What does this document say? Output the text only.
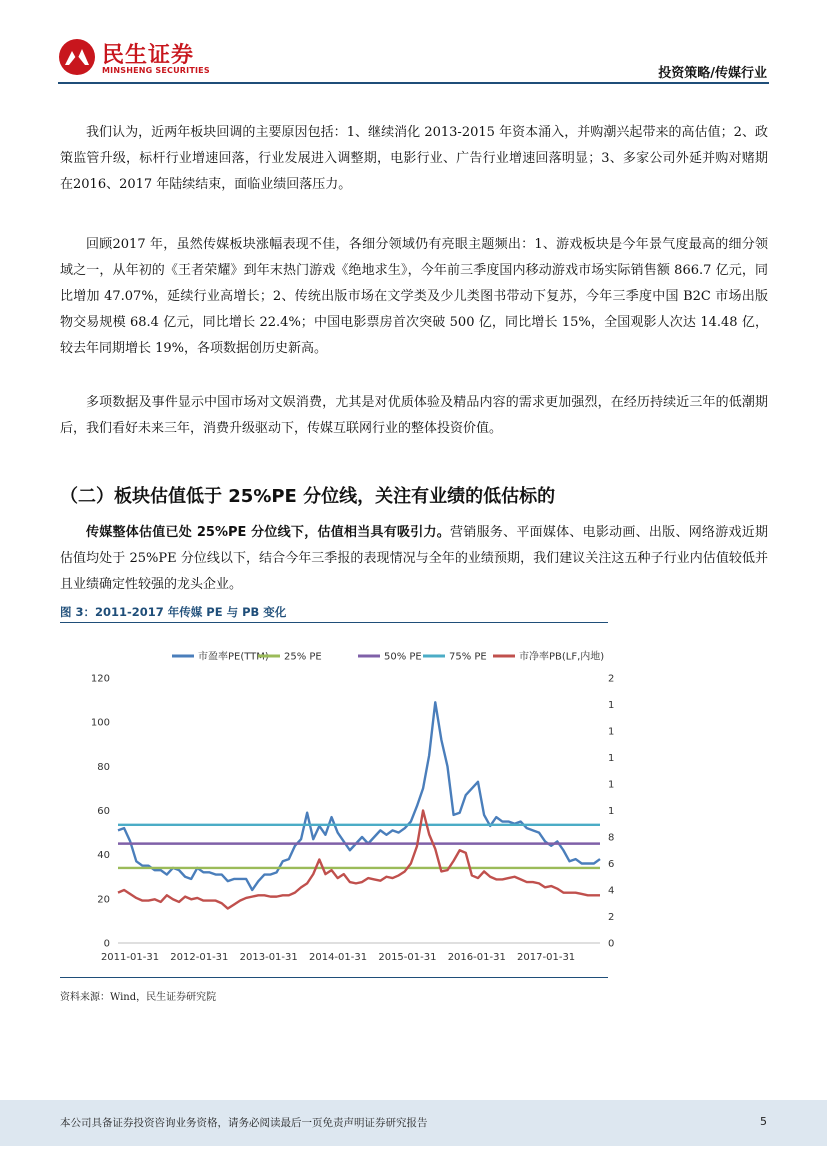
民生证券
MINSHENG SECURITIES	投资策略/传媒行业

我们认为，近两年板块回调的主要原因包括：1、继续消化 2013-2015 年资本涌入，并购潮兴起带来的高估值；2、政策监管升级，标杆行业增速回落，行业发展进入调整期，电影行业、广告行业增速回落明显；3、多家公司外延并购对赌期在2016、2017 年陆续结束，面临业绩回落压力。

回顾2017 年，虽然传媒板块涨幅表现不佳，各细分领域仍有亮眼主题频出：1、游戏板块是今年景气度最高的细分领域之一，从年初的《王者荣耀》到年末热门游戏《绝地求生》，今年前三季度国内移动游戏市场实际销售额 866.7 亿元，同比增加 47.07%，延续行业高增长；2、传统出版市场在文学类及少儿类图书带动下复苏，今年三季度中国 B2C 市场出版物交易规模 68.4 亿元，同比增长 22.4%；中国电影票房首次突破 500 亿，同比增长 15%，全国观影人次达 14.48 亿，较去年同期增长 19%，各项数据创历史新高。

多项数据及事件显示中国市场对文娱消费，尤其是对优质体验及精品内容的需求更加强烈，在经历持续近三年的低潮期后，我们看好未来三年，消费升级驱动下，传媒互联网行业的整体投资价值。

（二）板块估值低于 25%PE 分位线，关注有业绩的低估标的

传媒整体估值已处 25%PE 分位线下，估值相当具有吸引力。营销服务、平面媒体、电影动画、出版、网络游戏近期估值均处于 25%PE 分位线以下，结合今年三季报的表现情况与全年的业绩预期，我们建议关注这五种子行业内估值较低并且业绩确定性较强的龙头企业。

图 3：2011-2017 年传媒 PE 与 PB 变化
0
20
40
60
80
100
120
0
2
4
6
8
1
1
1
1
1
2
2011-01-31 2012-01-31 2013-01-31 2014-01-31 2015-01-31 2016-01-31 2017-01-31
市盈率PE(TTM) 25% PE	50% PE	75% PE	市净率PB(LF,内地)
资料来源：Wind，民生证券研究院
本公司具备证券投资咨询业务资格，请务必阅读最后一页免责声明证券研究报告	5
